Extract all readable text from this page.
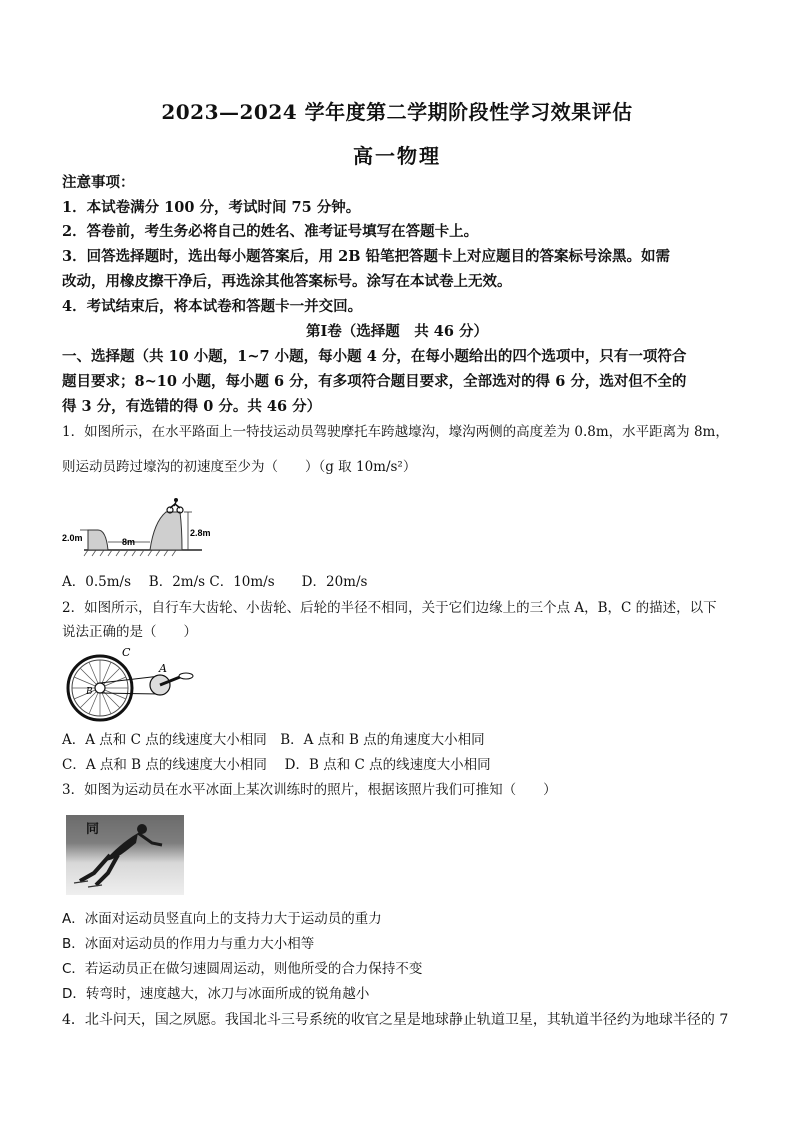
2023—2024 学年度第二学期阶段性学习效果评估
高一物理
注意事项：
1．本试卷满分 100 分，考试时间 75 分钟。
2．答卷前，考生务必将自己的姓名、准考证号填写在答题卡上。
3．回答选择题时，选出每小题答案后，用 2B 铅笔把答题卡上对应题目的答案标号涂黑。如需
改动，用橡皮擦干净后，再选涂其他答案标号。涂写在本试卷上无效。
4．考试结束后，将本试卷和答题卡一并交回。
第Ⅰ卷（选择题　共 46 分）
一、选择题（共 10 小题，1~7 小题，每小题 4 分，在每小题给出的四个选项中，只有一项符合
题目要求；8~10 小题，每小题 6 分，有多项符合题目要求，全部选对的得 6 分，选对但不全的
得 3 分，有选错的得 0 分。共 46 分）
1．如图所示，在水平路面上一特技运动员驾驶摩托车跨越壕沟，壕沟两侧的高度差为 0.8m，水平距离为 8m，
则运动员跨过壕沟的初速度至少为（　　）（g 取 10m/s²）
2.0m	8m
2.8m
A．0.5m/s　 B．2m/s C．10m/s　　D．20m/s
2．如图所示，自行车大齿轮、小齿轮、后轮的半径不相同，关于它们边缘上的三个点 A，B，C 的描述，以下
说法正确的是（　　）
C
A
B
A．A 点和 C 点的线速度大小相同　B．A 点和 B 点的角速度大小相同
C．A 点和 B 点的线速度大小相同　 D．B 点和 C 点的线速度大小相同
3．如图为运动员在水平冰面上某次训练时的照片，根据该照片我们可推知（　　）
同
A．冰面对运动员竖直向上的支持力大于运动员的重力
B．冰面对运动员的作用力与重力大小相等
C．若运动员正在做匀速圆周运动，则他所受的合力保持不变
D．转弯时，速度越大，冰刀与冰面所成的锐角越小
4．北斗问天，国之夙愿。我国北斗三号系统的收官之星是地球静止轨道卫星，其轨道半径约为地球半径的 7
